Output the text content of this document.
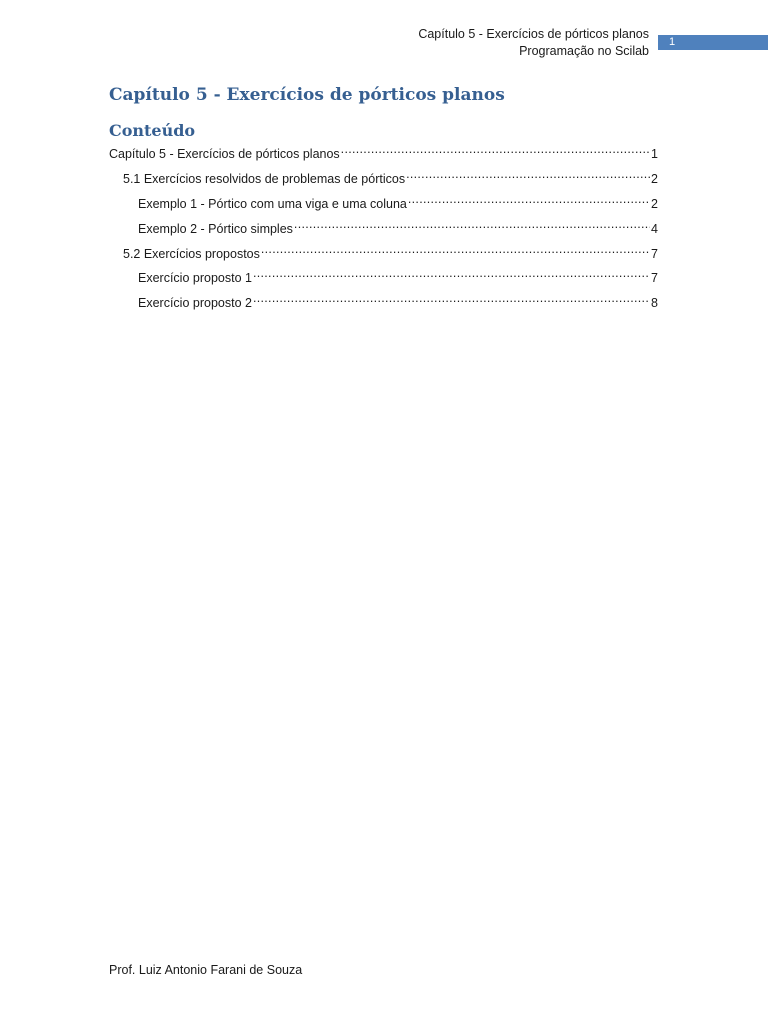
Capítulo 5 - Exercícios de pórticos planos
Programação no Scilab
1
Capítulo 5 - Exercícios de pórticos planos
Conteúdo
Capítulo 5 - Exercícios de pórticos planos .....	1
5.1 Exercícios resolvidos de problemas de pórticos .....	2
Exemplo 1 - Pórtico com uma viga e uma coluna .....	2
Exemplo 2 - Pórtico simples .....	4
5.2 Exercícios propostos .....	7
Exercício proposto 1 .....	7
Exercício proposto 2 .....	8
Prof. Luiz Antonio Farani de Souza
